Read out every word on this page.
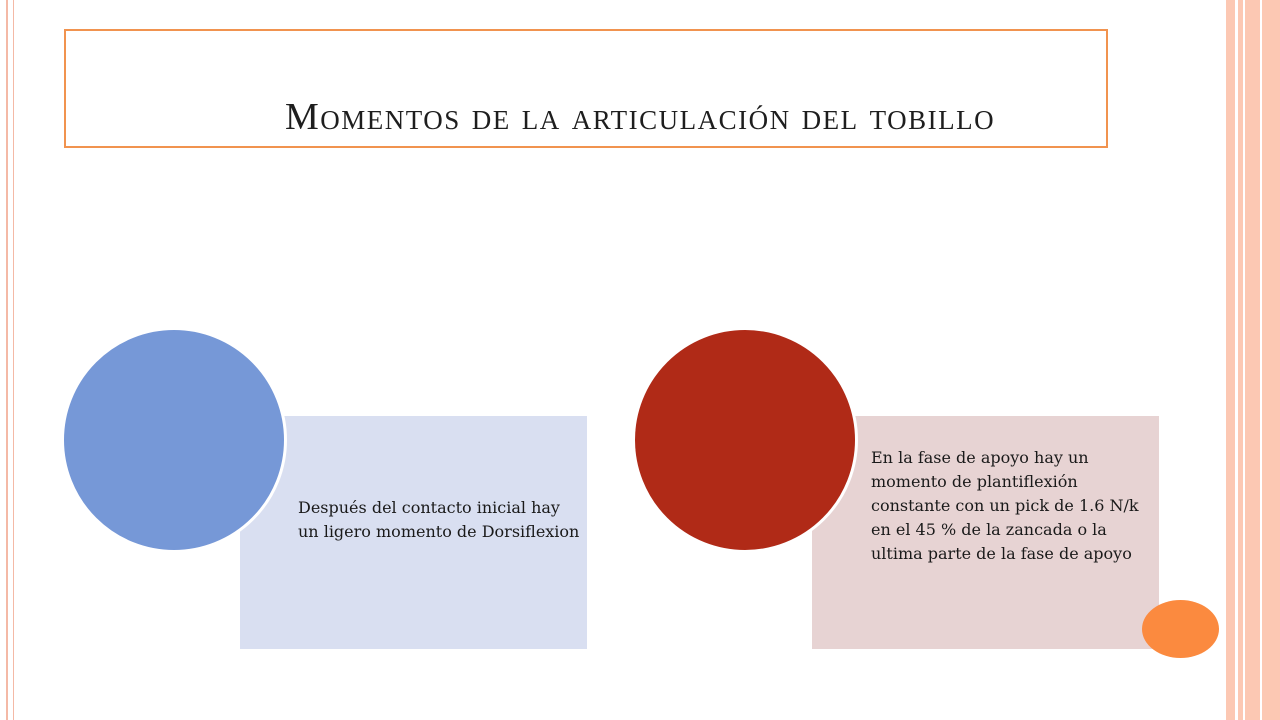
Momentos de la articulación del tobillo
Después del contacto inicial hay un ligero momento de Dorsiflexion
En la fase de apoyo hay un momento de plantiflexión constante con un pick de 1.6 N/k en el 45 % de la zancada o la ultima parte de la fase de apoyo
